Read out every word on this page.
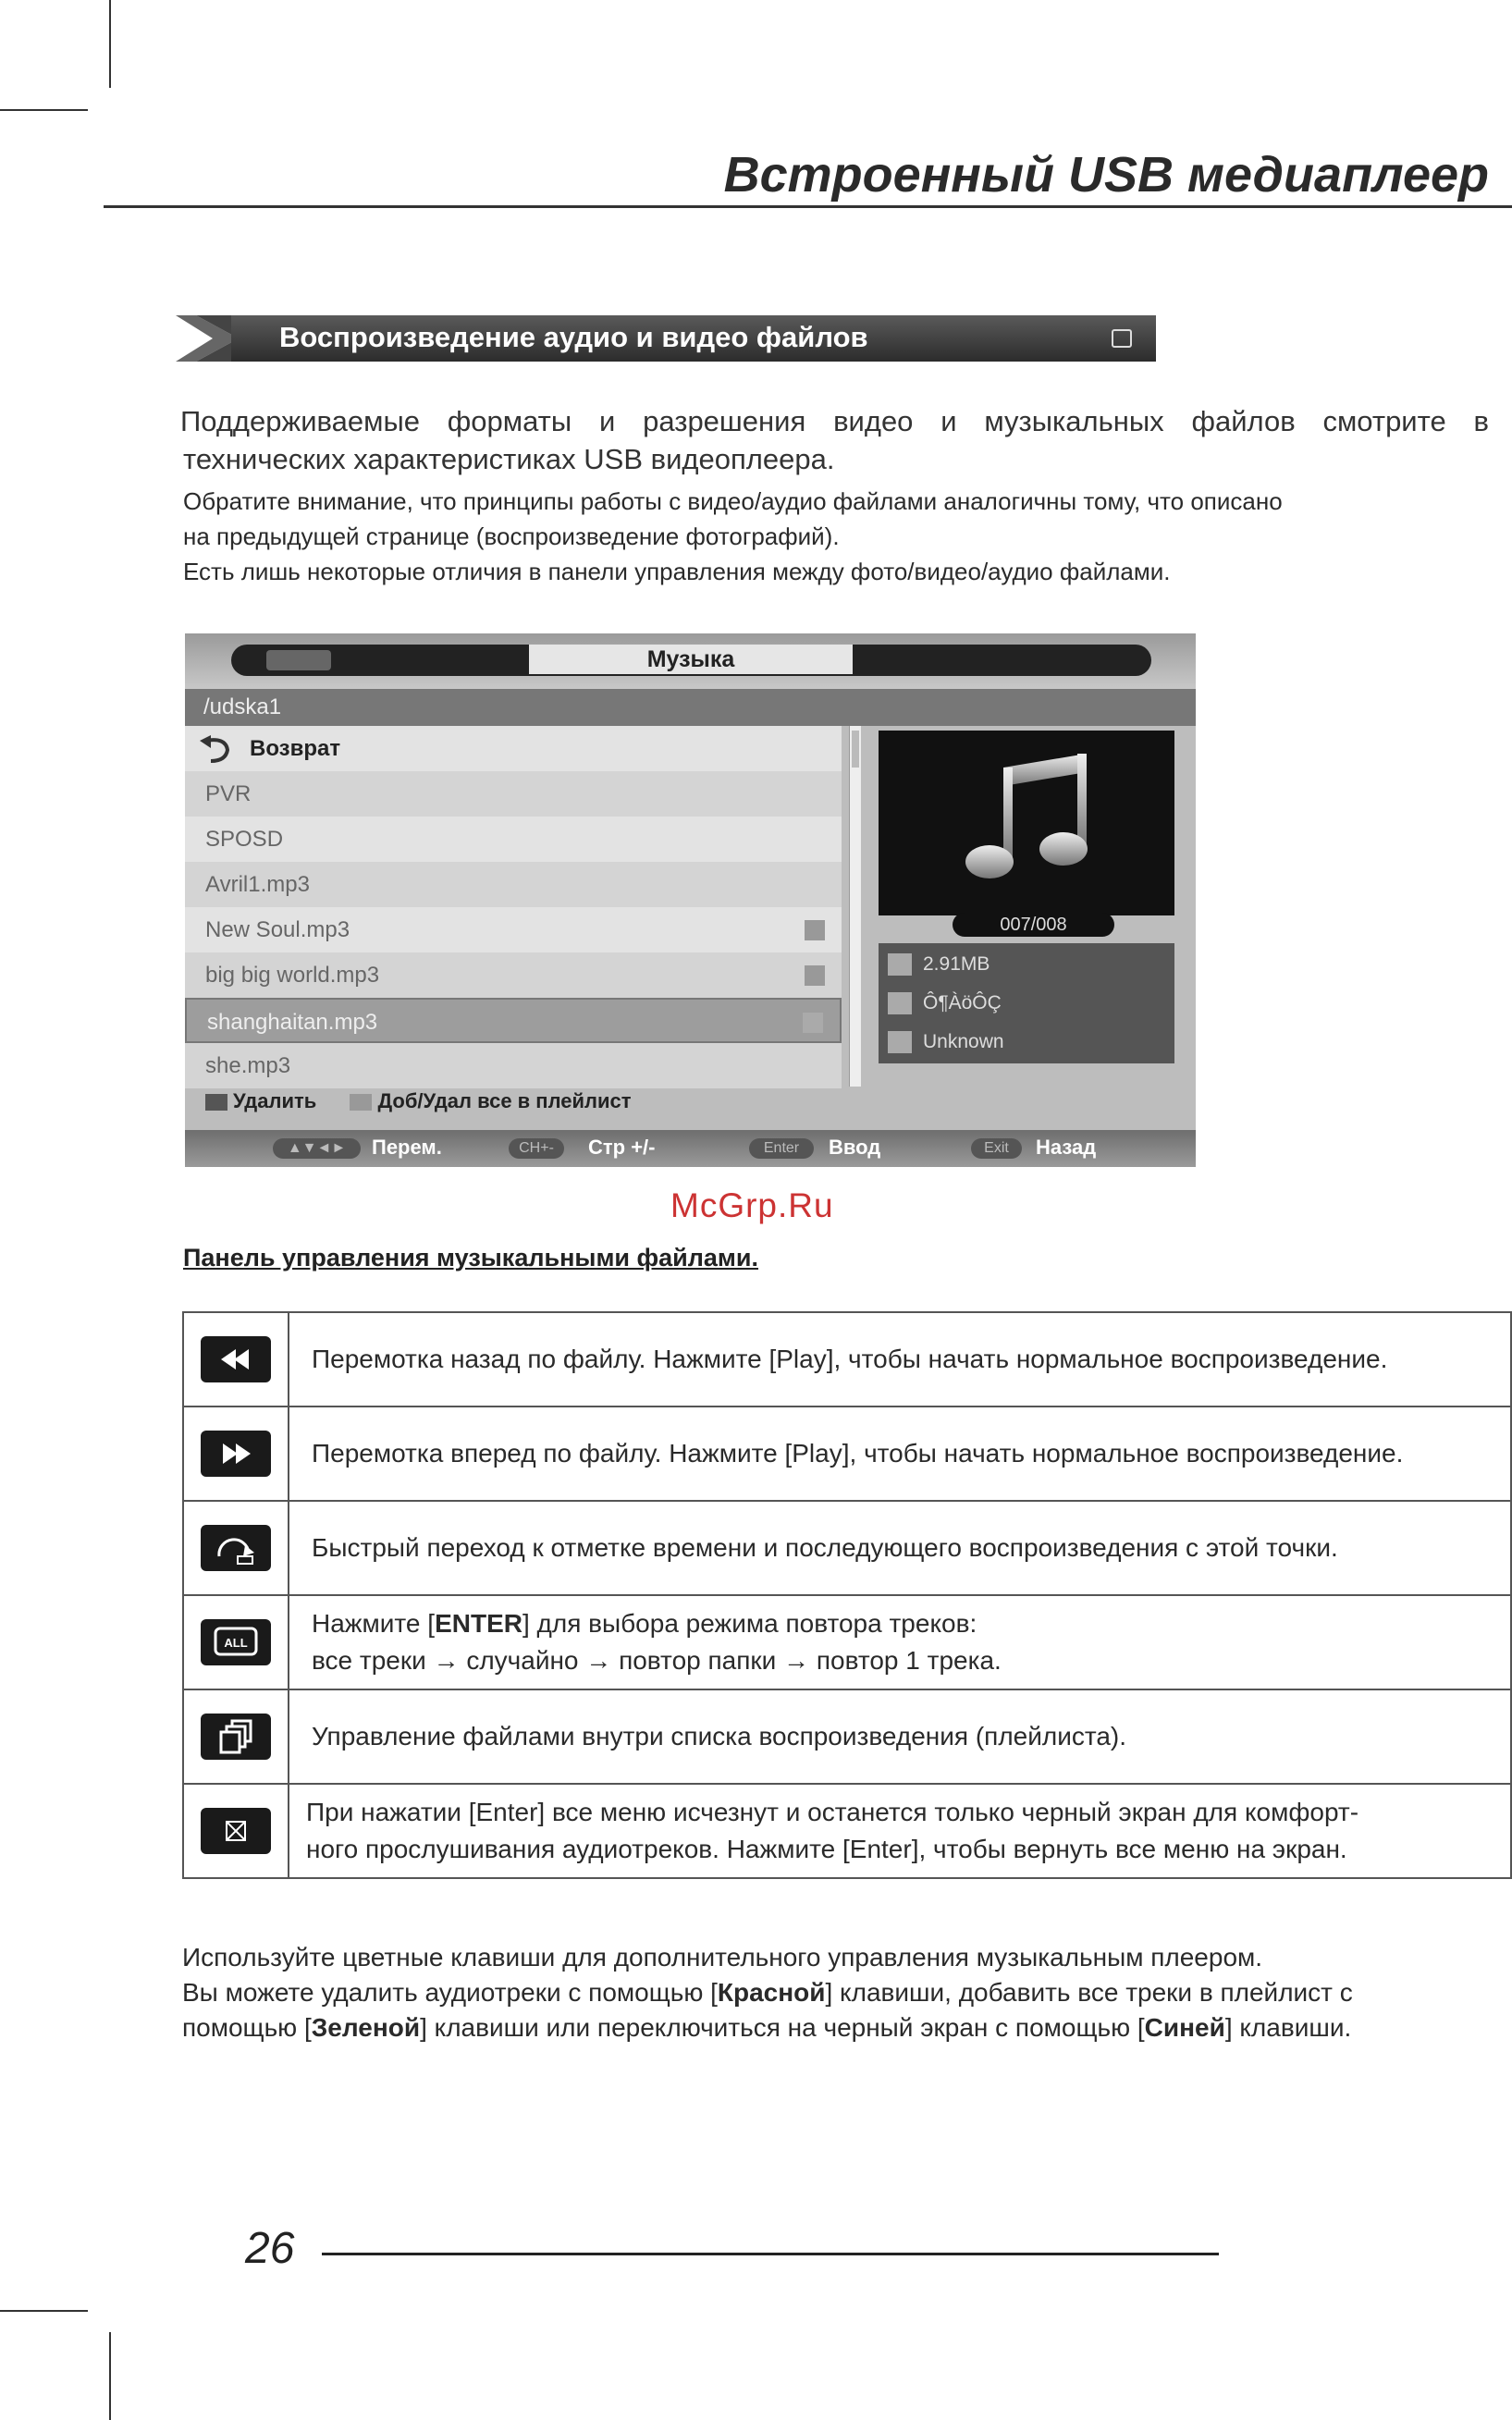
Встроенный USB медиаплеер
Воспроизведение аудио и видео файлов
Поддерживаемые форматы и разрешения видео и музыкальных файлов смотрите в
технических характеристиках USB видеоплеера.
Обратите внимание, что принципы работы с видео/аудио файлами аналогичны тому, что описано
на предыдущей странице (воспроизведение фотографий).
Есть лишь некоторые отличия в панели управления между фото/видео/аудио файлами.
Музыка
/udska1
Возврат
PVR
SPOSD
Avril1.mp3
New Soul.mp3
big big world.mp3
shanghaitan.mp3
she.mp3
007/008
2.91MB
Ô¶ÀöÔÇ
Unknown
Удалить	Доб/Удал все в плейлист
▲▼◄►	Перем.	CH+-	Стр +/-	Enter	Ввод	Exit	Назад
McGrp.Ru
Панель управления музыкальными файлами.
	Перемотка назад по файлу. Нажмите [Play], чтобы начать нормальное воспроизведение.

	Перемотка вперед по файлу. Нажмите [Play], чтобы начать нормальное воспроизведение.

	Быстрый переход к отметке времени и последующего воспроизведения с этой точки.

ALL	Нажмите [ENTER] для выбора режима повтора треков:
все треки → случайно → повтор папки → повтор 1 трека.

	Управление файлами внутри списка воспроизведения (плейлиста).

При нажатии [Enter] все меню исчезнут и останется только черный экран для комфорт-
ного прослушивания аудиотреков. Нажмите [Enter], чтобы вернуть все меню на экран.
Используйте цветные клавиши для дополнительного управления музыкальным плеером.
Вы можете удалить аудиотреки с помощью [Красной] клавиши, добавить все треки в плейлист с
помощью [Зеленой] клавиши или переключиться на черный экран с помощью [Синей] клавиши.
26
